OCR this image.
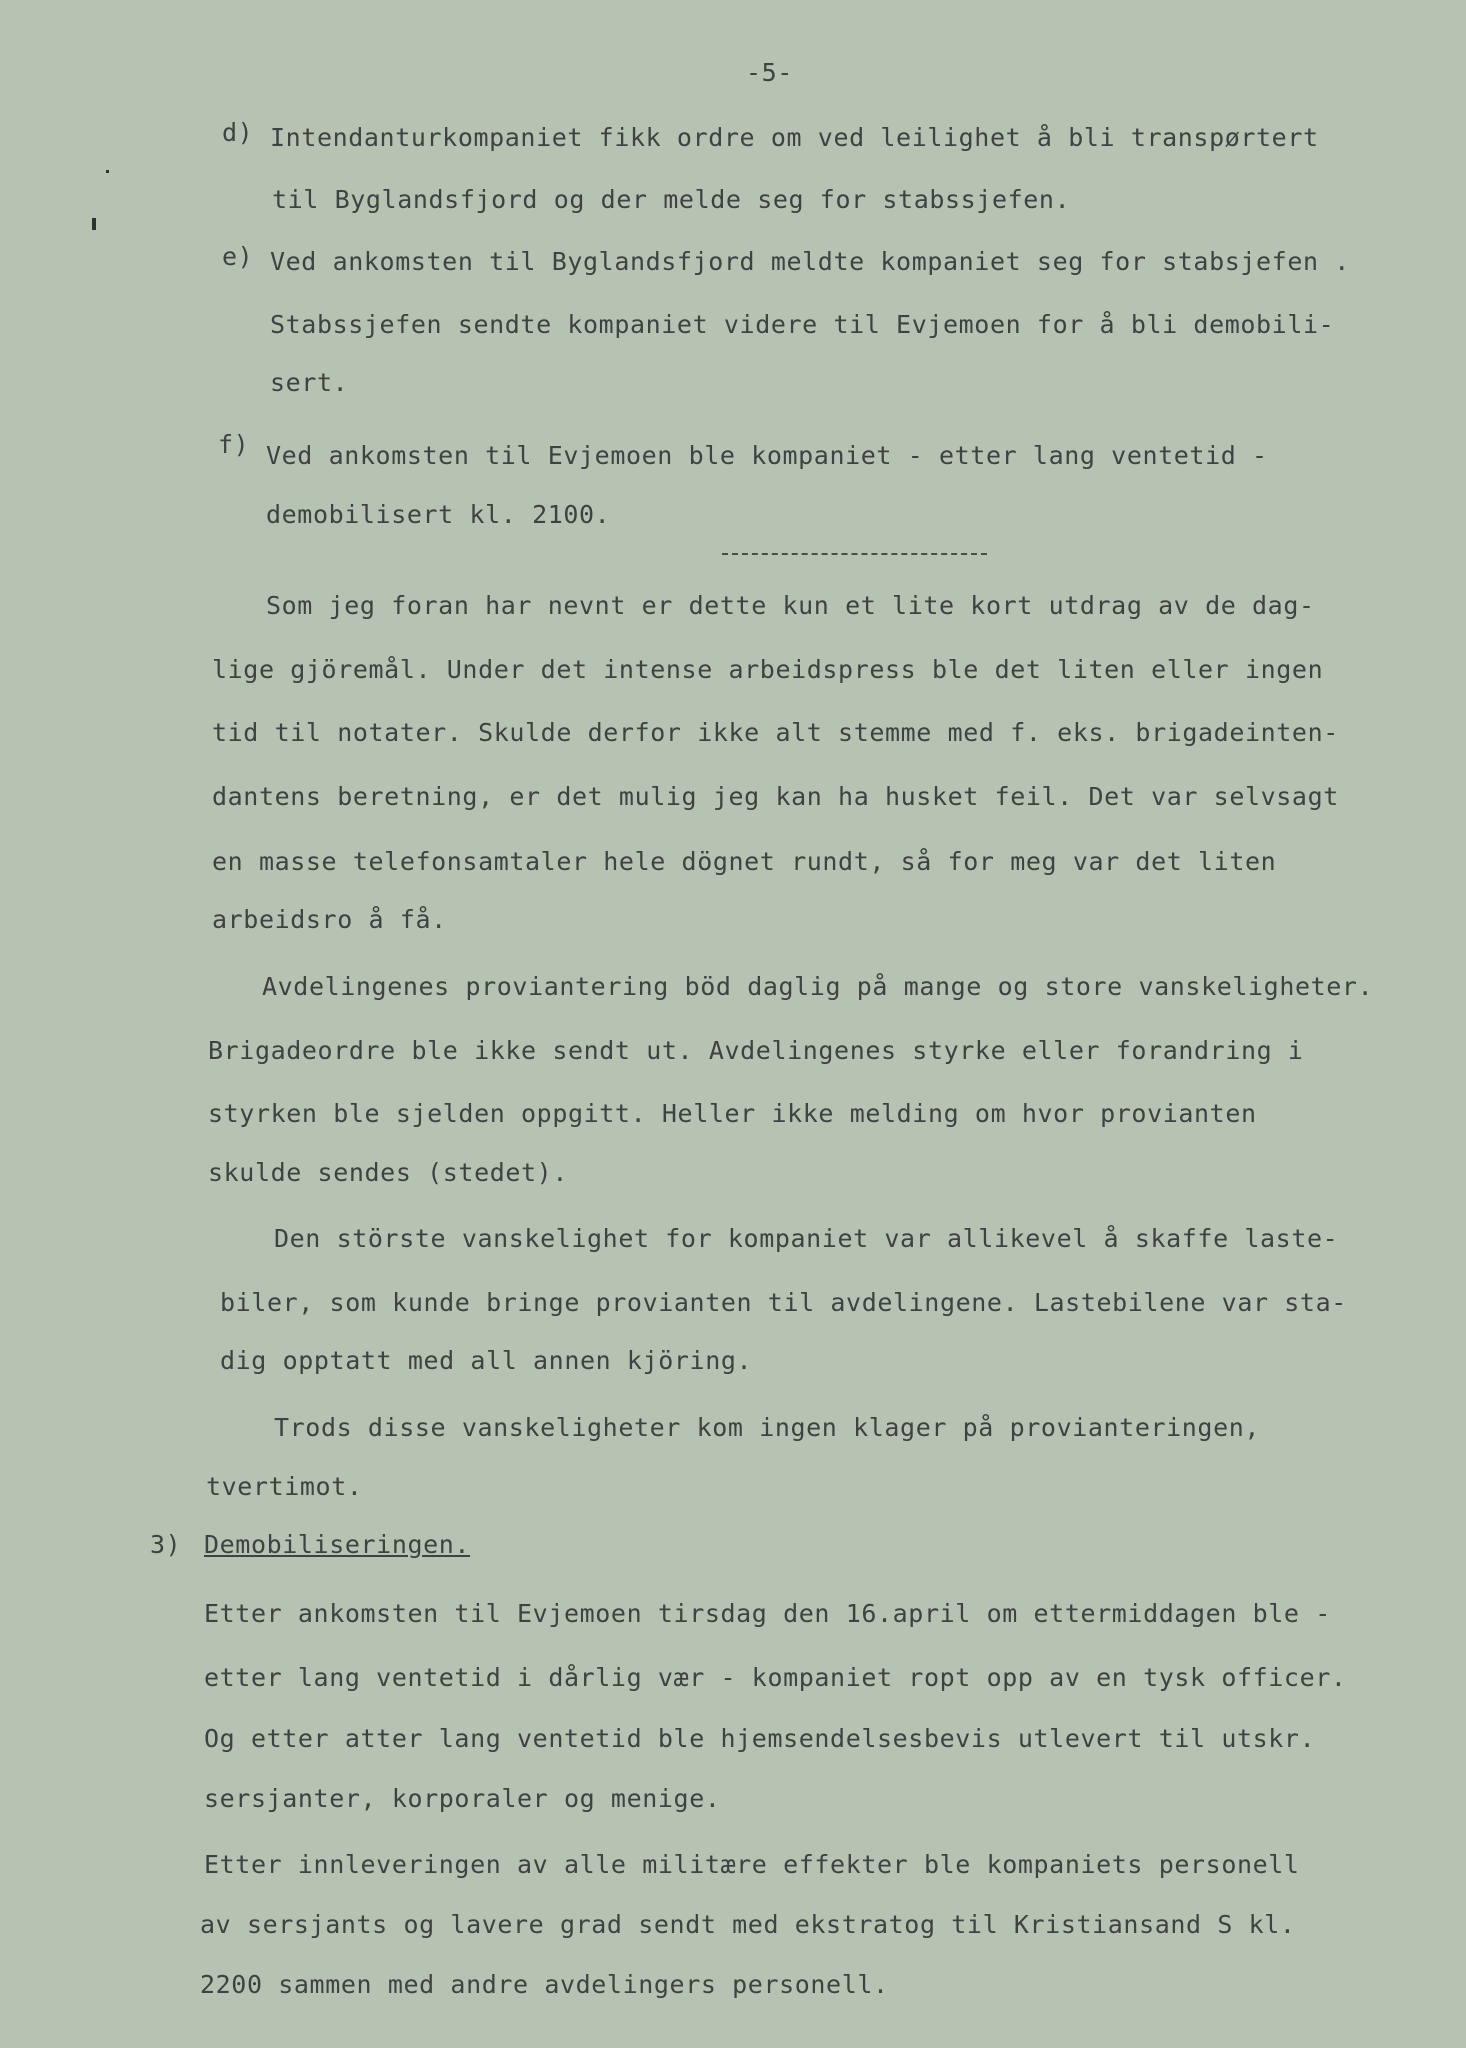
-5-
d) Intendanturkompaniet fikk ordre om ved leilighet å bli transpørtert
til Byglandsfjord og der melde seg for stabssjefen.
e) Ved ankomsten til Byglandsfjord meldte kompaniet seg for stabsjefen .
Stabssjefen sendte kompaniet videre til Evjemoen for å bli demobili-
sert.
f) Ved ankomsten til Evjemoen ble kompaniet - etter lang ventetid -
demobilisert kl. 2100.
Som jeg foran har nevnt er dette kun et lite kort utdrag av de dag-
lige gjöremål. Under det intense arbeidspress ble det liten eller ingen
tid til notater. Skulde derfor ikke alt stemme med f. eks. brigadeinten-
dantens beretning, er det mulig jeg kan ha husket feil. Det var selvsagt
en masse telefonsamtaler hele dögnet rundt, så for meg var det liten
arbeidsro å få.
Avdelingenes proviantering böd daglig på mange og store vanskeligheter.
Brigadeordre ble ikke sendt ut. Avdelingenes styrke eller forandring i
styrken ble sjelden oppgitt. Heller ikke melding om hvor provianten
skulde sendes (stedet).
Den störste vanskelighet for kompaniet var allikevel å skaffe laste-
biler, som kunde bringe provianten til avdelingene. Lastebilene var sta-
dig opptatt med all annen kjöring.
Trods disse vanskeligheter kom ingen klager på provianteringen,
tvertimot.
3) Demobiliseringen.
Etter ankomsten til Evjemoen tirsdag den 16.april om ettermiddagen ble -
etter lang ventetid i dårlig vær - kompaniet ropt opp av en tysk officer.
Og etter atter lang ventetid ble hjemsendelsesbevis utlevert til utskr.
sersjanter, korporaler og menige.
Etter innleveringen av alle militære effekter ble kompaniets personell
av sersjants og lavere grad sendt med ekstratog til Kristiansand S kl.
2200 sammen med andre avdelingers personell.
